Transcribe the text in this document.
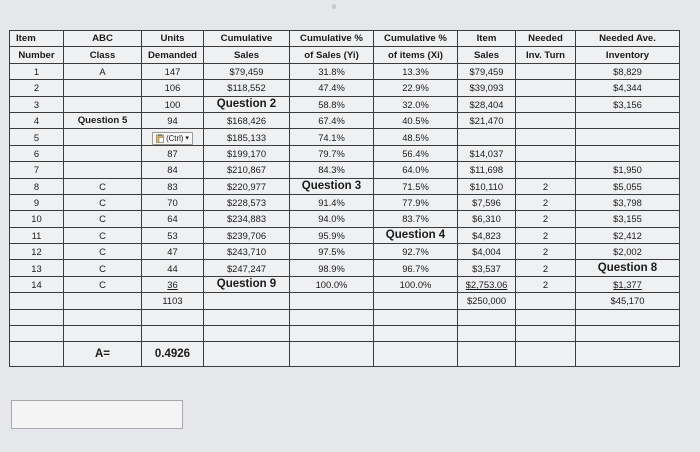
Item	ABC	Units	Cumulative	Cumulative %	Cumulative %	Item	Needed	Needed Ave.
Number	Class	Demanded	Sales	of Sales (Yi)	of items (Xi)	Sales	Inv. Turn	Inventory
1	A	147	$79,459	31.8%	13.3%	$79,459		$8,829
2		106	$118,552	47.4%	22.9%	$39,093		$4,344
3		100	Question 2	58.8%	32.0%	$28,404		$3,156
4	Question 5	94	$168,426	67.4%	40.5%	$21,470		
5		(Ctrl) ▾	$185,133	74.1%	48.5%			
6		87	$199,170	79.7%	56.4%	$14,037		
7		84	$210,867	84.3%	64.0%	$11,698		$1,950
8	C	83	$220,977	Question 3	71.5%	$10,110	2	$5,055
9	C	70	$228,573	91.4%	77.9%	$7,596	2	$3,798
10	C	64	$234,883	94.0%	83.7%	$6,310	2	$3,155
11	C	53	$239,706	95.9%	Question 4	$4,823	2	$2,412
12	C	47	$243,710	97.5%	92.7%	$4,004	2	$2,002
13	C	44	$247,247	98.9%	96.7%	$3,537	2	Question 8
14	C	36	Question 9	100.0%	100.0%	$2,753.06	2	$1,377
		1103				$250,000		$45,170

	A=	0.4926						
